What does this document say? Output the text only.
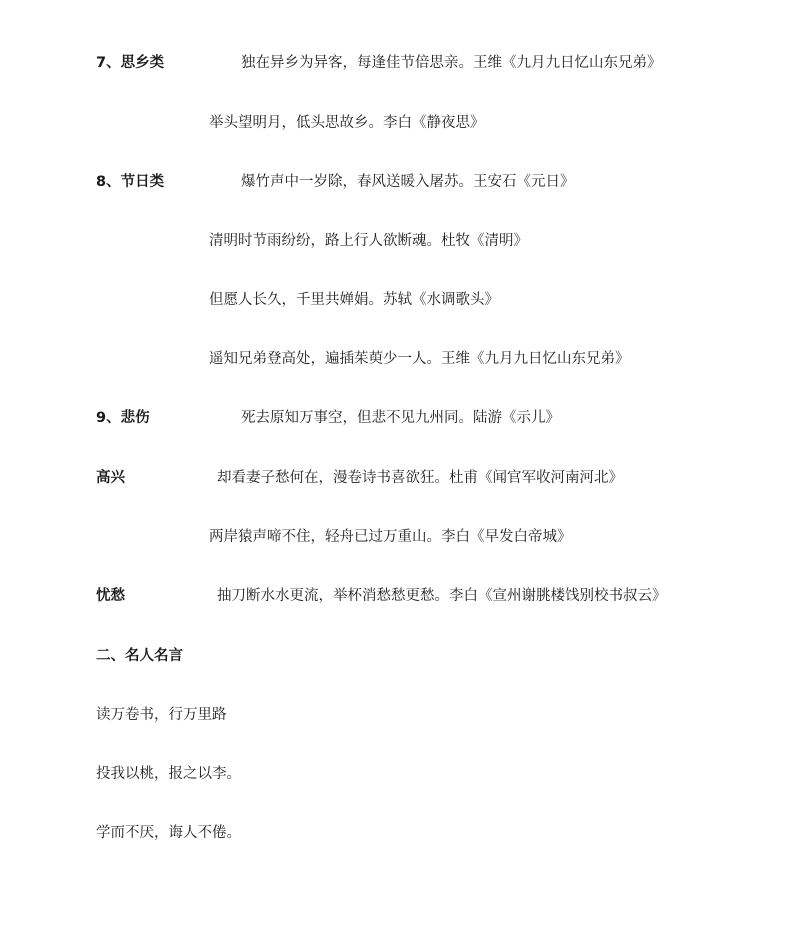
7、思乡类	独在异乡为异客，每逢佳节倍思亲。王维《九月九日忆山东兄弟》
举头望明月，低头思故乡。李白《静夜思》
8、节日类	爆竹声中一岁除，春风送暖入屠苏。王安石《元日》
清明时节雨纷纷，路上行人欲断魂。杜牧《清明》
但愿人长久，千里共婵娟。苏轼《水调歌头》
遥知兄弟登高处，遍插茱萸少一人。王维《九月九日忆山东兄弟》
9、悲伤	死去原知万事空，但悲不见九州同。陆游《示儿》
高兴	却看妻子愁何在，漫卷诗书喜欲狂。杜甫《闻官军收河南河北》
两岸猿声啼不住，轻舟已过万重山。李白《早发白帝城》
忧愁	抽刀断水水更流，举杯消愁愁更愁。李白《宣州谢朓楼饯别校书叔云》
二、名人名言
读万卷书，行万里路
投我以桃，报之以李。
学而不厌，诲人不倦。
